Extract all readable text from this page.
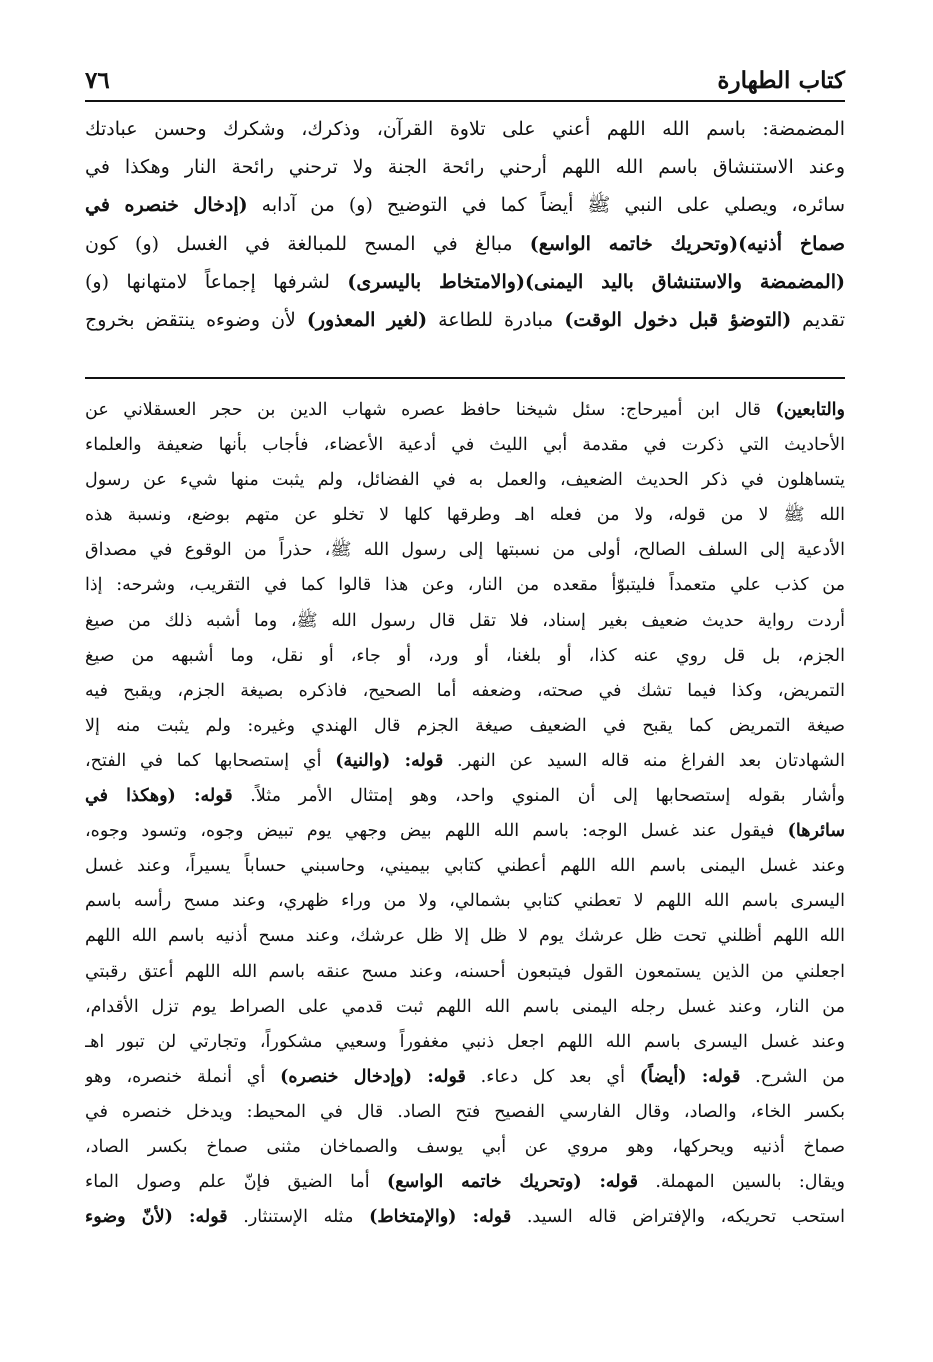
كتاب الطهارة
٧٦
المضمضة: باسم الله اللهم أعني على تلاوة القرآن، وذكرك، وشكرك وحسن عبادتك
وعند الاستنشاق باسم الله اللهم أرحني رائحة الجنة ولا ترحني رائحة النار وهكذا في
سائره، ويصلي على النبي ﷺ أيضاً كما في التوضيح (و) من آدابه (إدخال خنصره في
صماخ أذنيه)(وتحريك خاتمه الواسع) مبالغ في المسح للمبالغة في الغسل (و) كون
(المضمضة والاستنشاق باليد اليمنى)(والامتخاط باليسرى) لشرفها إجماعاً لامتهانها (و)
تقديم (التوضؤ قبل دخول الوقت) مبادرة للطاعة (لغير المعذور) لأن وضوءه ينتقض بخروج
والتابعين) قال ابن أميرحاج: سئل شيخنا حافظ عصره شهاب الدين بن حجر العسقلاني عن
الأحاديث التي ذكرت في مقدمة أبي الليث في أدعية الأعضاء، فأجاب بأنها ضعيفة والعلماء
يتساهلون في ذكر الحديث الضعيف، والعمل به في الفضائل، ولم يثبت منها شيء عن رسول
الله ﷺ لا من قوله، ولا من فعله اهـ وطرقها كلها لا تخلو عن متهم بوضع، ونسبة هذه
الأدعية إلى السلف الصالح، أولى من نسبتها إلى رسول الله ﷺ، حذراً من الوقوع في مصداق
من كذب علي متعمداً فليتبوّأ مقعده من النار، وعن هذا قالوا كما في التقريب، وشرحه: إذا
أردت رواية حديث ضعيف بغير إسناد، فلا تقل قال رسول الله ﷺ، وما أشبه ذلك من صيغ
الجزم، بل قل روي عنه كذا، أو بلغنا، أو ورد، أو جاء، أو نقل، وما أشبهه من صيغ
التمريض، وكذا فيما تشك في صحته، وضعفه أما الصحيح، فاذكره بصيغة الجزم، ويقبح فيه
صيغة التمريض كما يقبح في الضعيف صيغة الجزم قال الهندي وغيره: ولم يثبت منه إلا
الشهادتان بعد الفراغ منه قاله السيد عن النهر. قوله: (والنية) أي إستصحابها كما في الفتح،
وأشار بقوله إستصحابها إلى أن المنوي واحد، وهو إمتثال الأمر مثلاً. قوله: (وهكذا في
سائرها) فيقول عند غسل الوجه: باسم الله اللهم بيض وجهي يوم تبيض وجوه، وتسود وجوه،
وعند غسل اليمنى باسم الله اللهم أعطني كتابي بيميني، وحاسبني حساباً يسيراً، وعند غسل
اليسرى باسم الله اللهم لا تعطني كتابي بشمالي، ولا من وراء ظهري، وعند مسح رأسه باسم
الله اللهم أظلني تحت ظل عرشك يوم لا ظل إلا ظل عرشك، وعند مسح أذنيه باسم الله اللهم
اجعلني من الذين يستمعون القول فيتبعون أحسنه، وعند مسح عنقه باسم الله اللهم أعتق رقبتي
من النار، وعند غسل رجله اليمنى باسم الله اللهم ثبت قدمي على الصراط يوم تزل الأقدام،
وعند غسل اليسرى باسم الله اللهم اجعل ذنبي مغفوراً وسعيي مشكوراً، وتجارتي لن تبور اهـ
من الشرح. قوله: (أيضاً) أي بعد كل دعاء. قوله: (وإدخال خنصره) أي أنملة خنصره، وهو
بكسر الخاء، والصاد، وقال الفارسي الفصيح فتح الصاد. قال في المحيط: ويدخل خنصره في
صماخ أذنيه ويحركها، وهو مروي عن أبي يوسف والصماخان مثنى صماخ بكسر الصاد،
ويقال: بالسين المهملة. قوله: (وتحريك خاتمه الواسع) أما الضيق فإنّ علم وصول الماء
استحب تحريكه، والإفتراض قاله السيد. قوله: (والإمتخاط) مثله الإستنثار. قوله: (لأنّ وضوء
